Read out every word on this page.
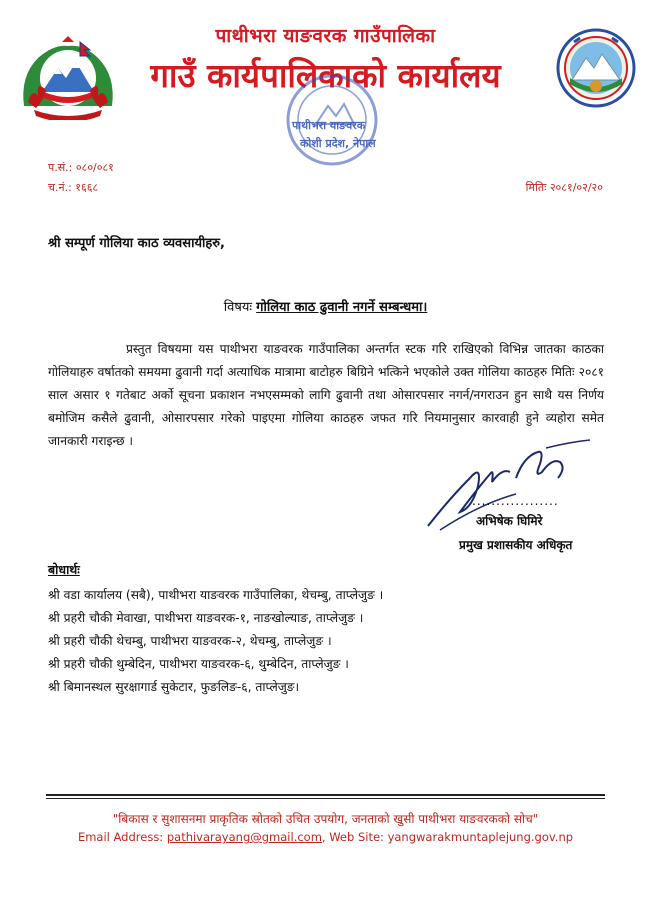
पाथीभरा याङवरक गाउँपालिका
गाउँ कार्यपालिकाको कार्यालय
पाथीभरा याङवरक
कोशी प्रदेश, नेपाल
प.सं.: ०८०/०८१
च.नं.: १६६८	मितिः २०८१/०२/२०
श्री सम्पूर्ण गोलिया काठ व्यवसायीहरु,
विषयः गोलिया काठ ढुवानी नगर्ने सम्बन्धमा।
प्रस्तुत विषयमा यस पाथीभरा याङवरक गाउँपालिका अन्तर्गत स्टक गरि राखिएको विभिन्न जातका काठका गोलियाहरु वर्षातको समयमा ढुवानी गर्दा अत्याधिक मात्रामा बाटोहरु बिग्रिने भत्किने भएकोले उक्त गोलिया काठहरु मितिः २०८१ साल असार १ गतेबाट अर्को सूचना प्रकाशन नभएसम्मको लागि ढुवानी तथा ओसारपसार नगर्न/नगराउन हुन साथै यस निर्णय बमोजिम कसैले ढुवानी, ओसारपसार गरेको पाइएमा गोलिया काठहरु जफत गरि नियमानुसार कारवाही हुने व्यहोरा समेत जानकारी गराइन्छ ।
..................
अभिषेक घिमिरे
प्रमुख प्रशासकीय अधिकृत
बोधार्थः
श्री वडा कार्यालय (सबै), पाथीभरा याङवरक गाउँपालिका, थेचम्बु, ताप्लेजुङ ।
श्री प्रहरी चौकी मेवाखा, पाथीभरा याङवरक-१, नाङखोल्याङ, ताप्लेजुङ ।
श्री प्रहरी चौकी थेचम्बु, पाथीभरा याङवरक-२, थेचम्बु, ताप्लेजुङ ।
श्री प्रहरी चौकी थुम्बेदिन, पाथीभरा याङवरक-६, थुम्बेदिन, ताप्लेजुङ ।
श्री बिमानस्थल सुरक्षागार्ड सुकेटार, फुङलिङ-६, ताप्लेजुङ।
"बिकास र सुशासनमा प्राकृतिक स्रोतको उचित उपयोग, जनताको खुसी पाथीभरा याङवरकको सोच"
Email Address: pathivarayang@gmail.com, Web Site: yangwarakmuntaplejung.gov.np
